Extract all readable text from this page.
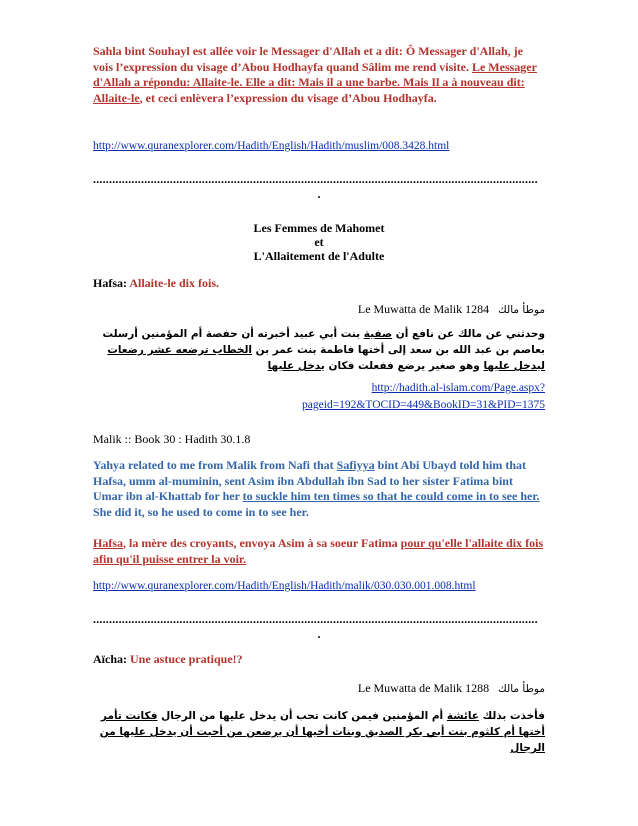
Sahla bint Souhayl est allée voir le Messager d'Allah et a dit: Ô Messager d'Allah, je vois l’expression du visage d’Abou Hodhayfa quand Sâlim me rend visite. Le Messager d'Allah a répondu: Allaite-le. Elle a dit: Mais il a une barbe. Mais Il a à nouveau dit: Allaite-le, et ceci enlèvera l’expression du visage d’Abou Hodhayfa.
http://www.quranexplorer.com/Hadith/English/Hadith/muslim/008.3428.html
...........................................................................................................................................
.
Les Femmes de Mahomet
et
L'Allaitement de l'Adulte
Hafsa: Allaite-le dix fois.
Le Muwatta de Malik 1284 موطأ مالك
وحدثني عن مالك عن نافع أن صفية بنت أبي عبيد أخبرته أن حفصة أم المؤمنين أرسلت بعاصم بن عبد الله بن سعد إلى أختها فاطمة بنت عمر بن الخطاب ترضعه عشر رضعات ليدخل عليها وهو صغير يرضع ففعلت فكان يدخل عليها
http://hadith.al-islam.com/Page.aspx?
pageid=192&TOCID=449&BookID=31&PID=1375
Malik :: Book 30 : Hadith 30.1.8
Yahya related to me from Malik from Nafi that Safiyya bint Abi Ubayd told him that Hafsa, umm al-muminin, sent Asim ibn Abdullah ibn Sad to her sister Fatima bint Umar ibn al-Khattab for her to suckle him ten times so that he could come in to see her. She did it, so he used to come in to see her.
Hafsa, la mère des croyants, envoya Asim à sa soeur Fatima pour qu'elle l'allaite dix fois afin qu'il puisse entrer la voir.
http://www.quranexplorer.com/Hadith/English/Hadith/malik/030.030.001.008.html
...........................................................................................................................................
.
Aïcha: Une astuce pratique!?
Le Muwatta de Malik 1288 موطأ مالك
فأخذت بذلك عائشة أم المؤمنين فيمن كانت تحب أن يدخل عليها من الرجال فكانت تأمر أختها أم كلثوم بنت أبي بكر الصديق وبنات أخيها أن يرضعن من أحبت أن يدخل عليها من الرجال
